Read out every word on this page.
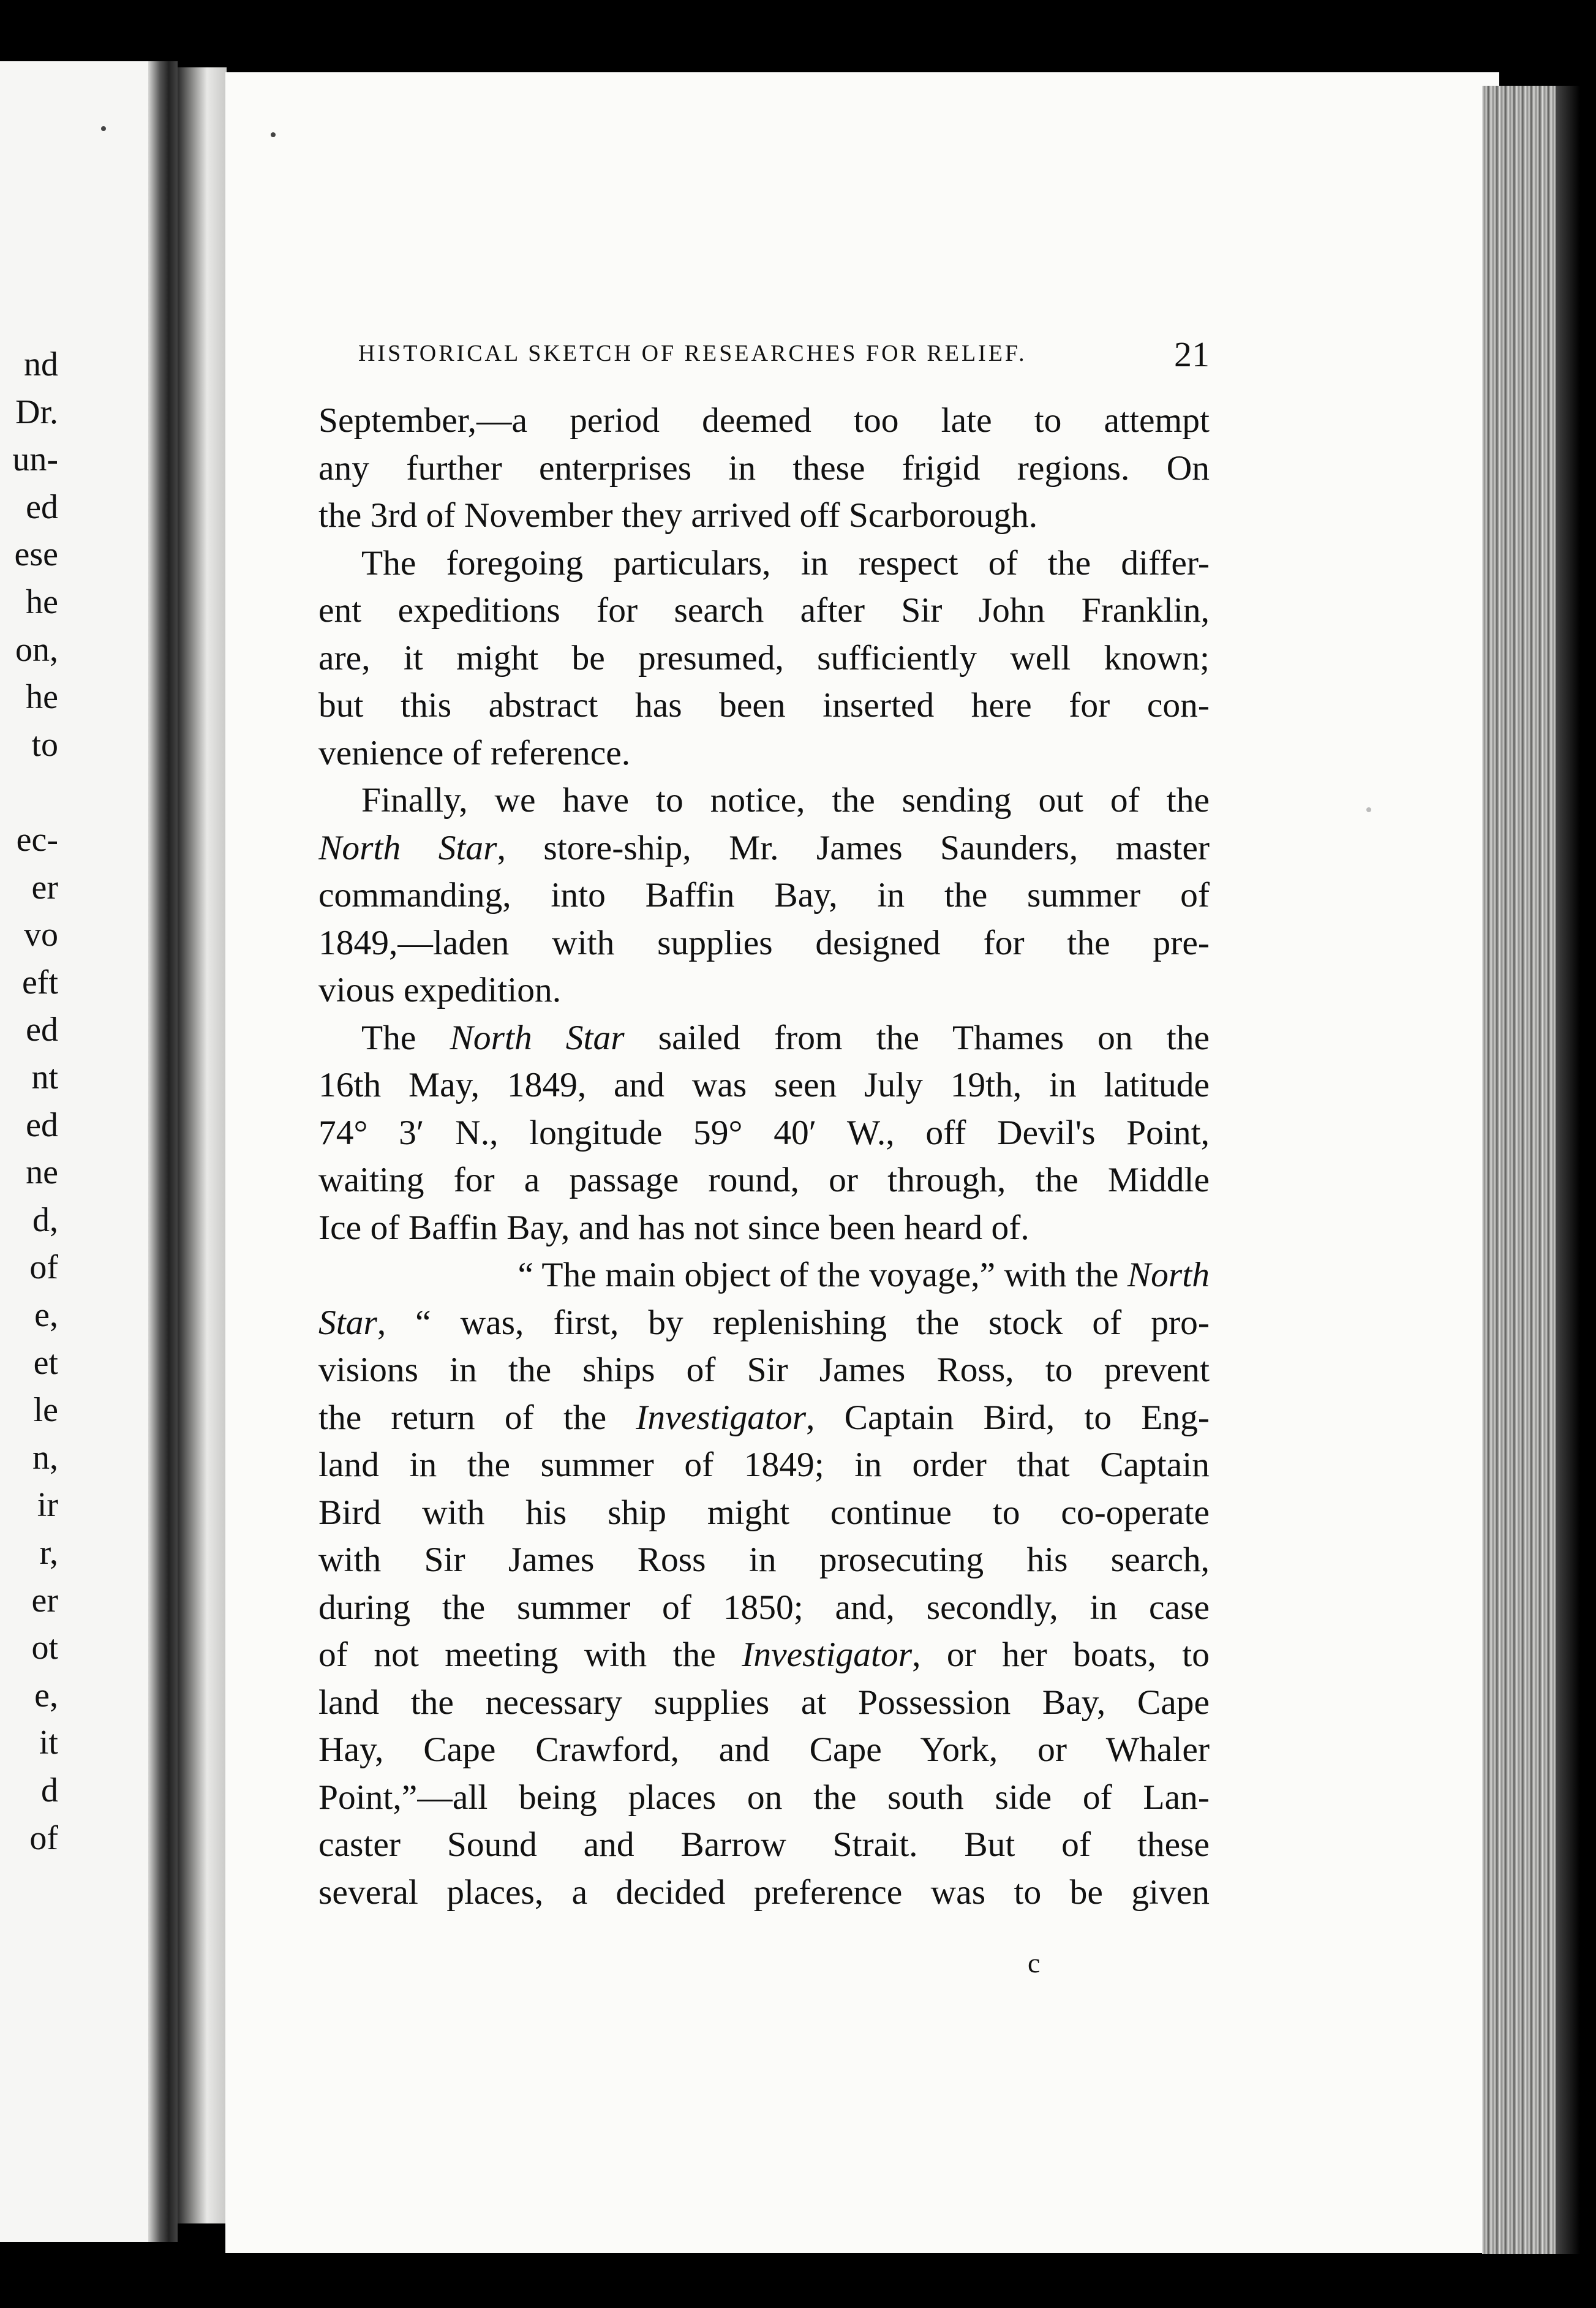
nd
Dr.
un-
ed
ese
he
on,
he
to
ec-
er
vo
eft
ed
nt
ed
ne
d,
of
e,
et
le
n,
ir
r,
er
ot
e,
it
d
of
HISTORICAL SKETCH OF RESEARCHES FOR RELIEF.	21
September,—a period deemed too late to attempt
any further enterprises in these frigid regions. On
the 3rd of November they arrived off Scarborough.
The foregoing particulars, in respect of the differ-
ent expeditions for search after Sir John Franklin,
are, it might be presumed, sufficiently well known;
but this abstract has been inserted here for con-
venience of reference.
Finally, we have to notice, the sending out of the
North Star, store-ship, Mr. James Saunders, master
commanding, into Baffin Bay, in the summer of
1849,—laden with supplies designed for the pre-
vious expedition.
The North Star sailed from the Thames on the
16th May, 1849, and was seen July 19th, in latitude
74° 3′ N., longitude 59° 40′ W., off Devil's Point,
waiting for a passage round, or through, the Middle
Ice of Baffin Bay, and has not since been heard of.
“ The main object of the voyage,” with the North
Star, “ was, first, by replenishing the stock of pro-
visions in the ships of Sir James Ross, to prevent
the return of the Investigator, Captain Bird, to Eng-
land in the summer of 1849; in order that Captain
Bird with his ship might continue to co-operate
with Sir James Ross in prosecuting his search,
during the summer of 1850; and, secondly, in case
of not meeting with the Investigator, or her boats, to
land the necessary supplies at Possession Bay, Cape
Hay, Cape Crawford, and Cape York, or Whaler
Point,”—all being places on the south side of Lan-
caster Sound and Barrow Strait. But of these
several places, a decided preference was to be given
c
